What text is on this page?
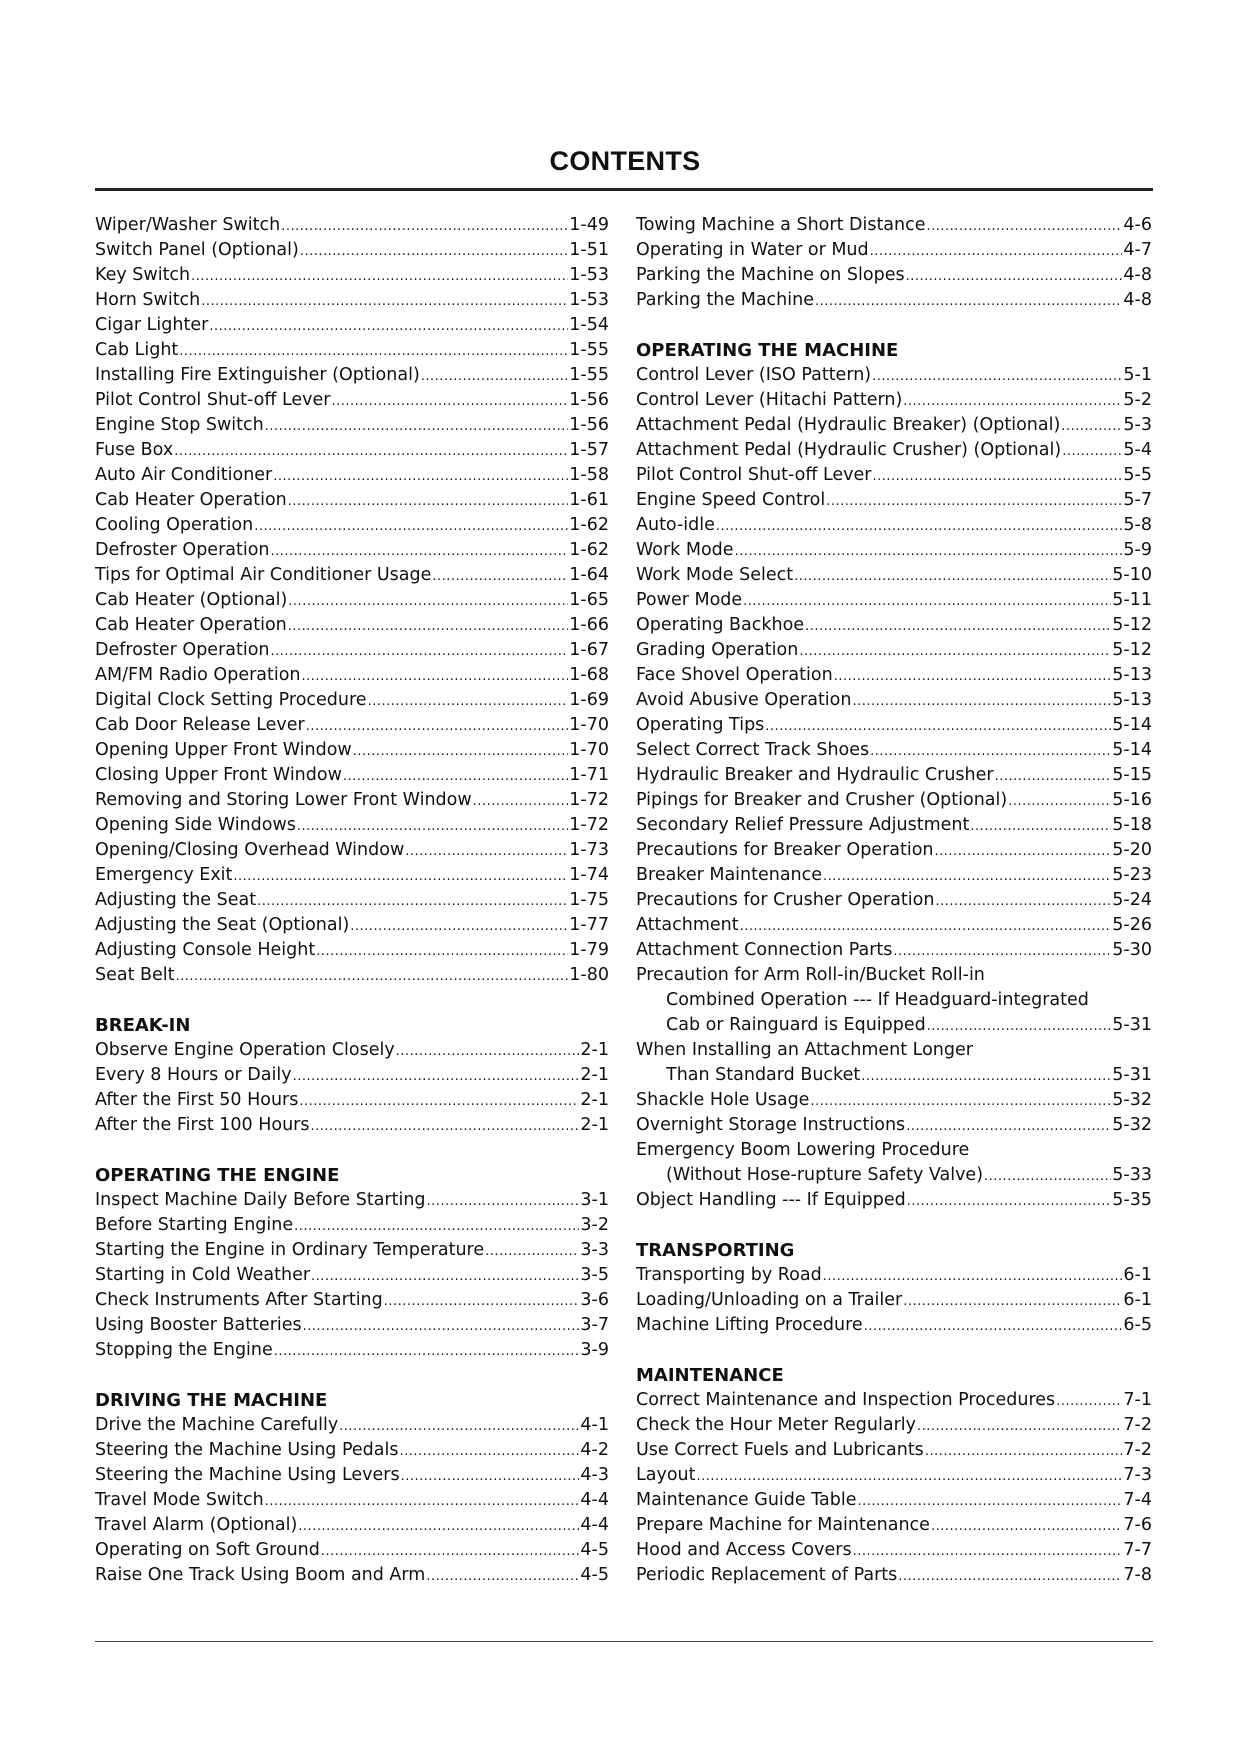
CONTENTS
Wiper/Washer Switch .....	1-49
Switch Panel (Optional) .....	1-51
Key Switch .....	1-53
Horn Switch .....	1-53
Cigar Lighter .....	1-54
Cab Light .....	1-55
Installing Fire Extinguisher (Optional) .....	1-55
Pilot Control Shut-off Lever .....	1-56
Engine Stop Switch .....	1-56
Fuse Box .....	1-57
Auto Air Conditioner .....	1-58
Cab Heater Operation .....	1-61
Cooling Operation .....	1-62
Defroster Operation .....	1-62
Tips for Optimal Air Conditioner Usage .....	1-64
Cab Heater (Optional) .....	1-65
Cab Heater Operation .....	1-66
Defroster Operation .....	1-67
AM/FM Radio Operation .....	1-68
Digital Clock Setting Procedure .....	1-69
Cab Door Release Lever .....	1-70
Opening Upper Front Window .....	1-70
Closing Upper Front Window .....	1-71
Removing and Storing Lower Front Window .....	1-72
Opening Side Windows .....	1-72
Opening/Closing Overhead Window .....	1-73
Emergency Exit .....	1-74
Adjusting the Seat .....	1-75
Adjusting the Seat (Optional) .....	1-77
Adjusting Console Height .....	1-79
Seat Belt .....	1-80
BREAK-IN
Observe Engine Operation Closely .....	2-1
Every 8 Hours or Daily .....	2-1
After the First 50 Hours .....	2-1
After the First 100 Hours .....	2-1
OPERATING THE ENGINE
Inspect Machine Daily Before Starting .....	3-1
Before Starting Engine .....	3-2
Starting the Engine in Ordinary Temperature .....	3-3
Starting in Cold Weather .....	3-5
Check Instruments After Starting .....	3-6
Using Booster Batteries .....	3-7
Stopping the Engine .....	3-9
DRIVING THE MACHINE
Drive the Machine Carefully .....	4-1
Steering the Machine Using Pedals .....	4-2
Steering the Machine Using Levers .....	4-3
Travel Mode Switch .....	4-4
Travel Alarm (Optional) .....	4-4
Operating on Soft Ground .....	4-5
Raise One Track Using Boom and Arm .....	4-5
Towing Machine a Short Distance .....	4-6
Operating in Water or Mud .....	4-7
Parking the Machine on Slopes .....	4-8
Parking the Machine .....	4-8
OPERATING THE MACHINE
Control Lever (ISO Pattern) .....	5-1
Control Lever (Hitachi Pattern) .....	5-2
Attachment Pedal (Hydraulic Breaker) (Optional) .....	5-3
Attachment Pedal (Hydraulic Crusher) (Optional) .....	5-4
Pilot Control Shut-off Lever .....	5-5
Engine Speed Control .....	5-7
Auto-idle .....	5-8
Work Mode .....	5-9
Work Mode Select .....	5-10
Power Mode .....	5-11
Operating Backhoe .....	5-12
Grading Operation .....	5-12
Face Shovel Operation .....	5-13
Avoid Abusive Operation .....	5-13
Operating Tips .....	5-14
Select Correct Track Shoes .....	5-14
Hydraulic Breaker and Hydraulic Crusher .....	5-15
Pipings for Breaker and Crusher (Optional) .....	5-16
Secondary Relief Pressure Adjustment .....	5-18
Precautions for Breaker Operation .....	5-20
Breaker Maintenance .....	5-23
Precautions for Crusher Operation .....	5-24
Attachment .....	5-26
Attachment Connection Parts .....	5-30
Precaution for Arm Roll-in/Bucket Roll-in
Combined Operation --- If Headguard-integrated
Cab or Rainguard is Equipped .....	5-31
When Installing an Attachment Longer
Than Standard Bucket .....	5-31
Shackle Hole Usage .....	5-32
Overnight Storage Instructions .....	5-32
Emergency Boom Lowering Procedure
(Without Hose-rupture Safety Valve) .....	5-33
Object Handling --- If Equipped .....	5-35
TRANSPORTING
Transporting by Road .....	6-1
Loading/Unloading on a Trailer .....	6-1
Machine Lifting Procedure .....	6-5
MAINTENANCE
Correct Maintenance and Inspection Procedures .....	7-1
Check the Hour Meter Regularly .....	7-2
Use Correct Fuels and Lubricants .....	7-2
Layout .....	7-3
Maintenance Guide Table .....	7-4
Prepare Machine for Maintenance .....	7-6
Hood and Access Covers .....	7-7
Periodic Replacement of Parts .....	7-8
